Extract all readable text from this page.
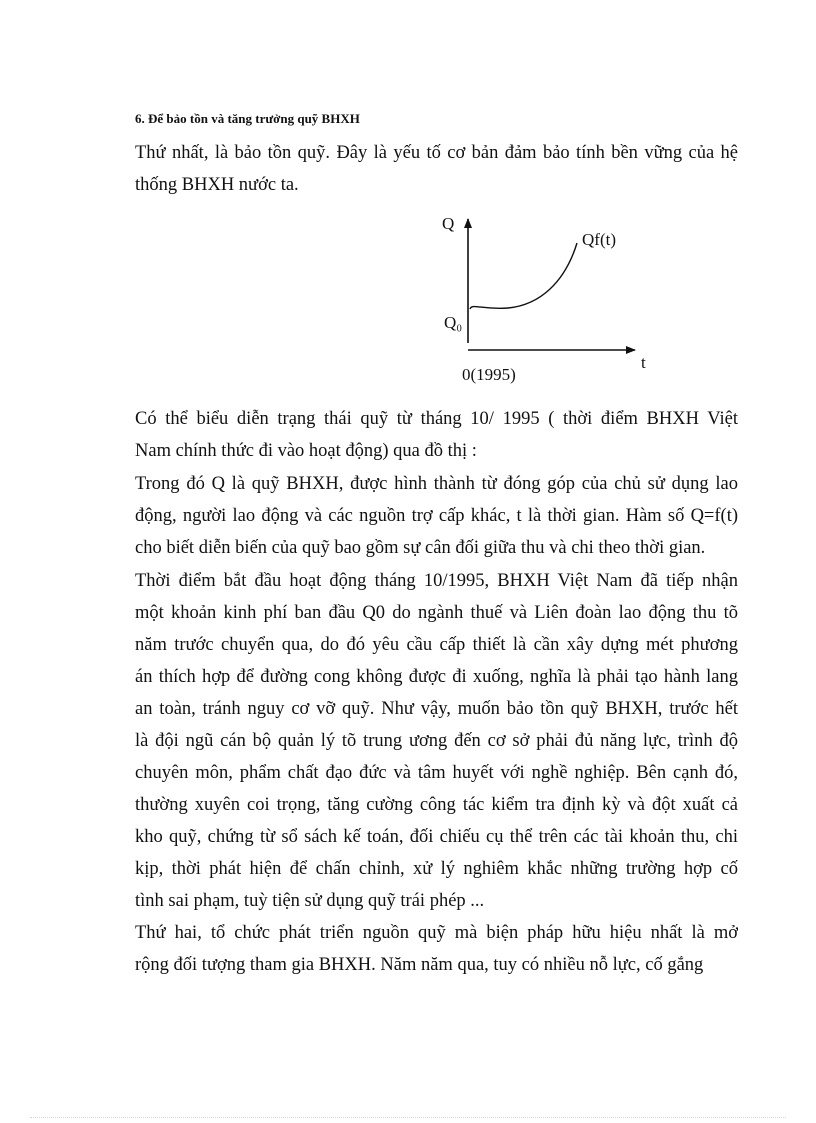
6. Để bảo tồn và tăng trưởng quỹ BHXH
Thứ nhất, là bảo tồn quỹ. Đây là yếu tố cơ bản đảm bảo tính bền vững của hệ
thống BHXH nước ta.
Q
Qf(t)
Q₀
t
0(1995)
Có thể biểu diễn trạng thái quỹ từ tháng 10/ 1995 ( thời điểm BHXH Việt
Nam chính thức đi vào hoạt động) qua đồ thị :
Trong đó Q là quỹ BHXH, được hình thành từ đóng góp của chủ sử dụng lao
động, người lao động và các nguồn trợ cấp khác, t là thời gian. Hàm số Q=f(t)
cho biết diễn biến của quỹ bao gồm sự cân đối giữa thu và chi theo thời gian.
Thời điểm bắt đầu hoạt động tháng 10/1995, BHXH Việt Nam đã tiếp nhận
một khoản kinh phí ban đầu Q0 do ngành thuế và Liên đoàn lao động thu tõ
năm trước chuyển qua, do đó yêu cầu cấp thiết là cần xây dựng mét phương
án thích hợp để đường cong không được đi xuống, nghĩa là phải tạo hành lang
an toàn, tránh nguy cơ vỡ quỹ. Như vậy, muốn bảo tồn quỹ BHXH, trước hết
là đội ngũ cán bộ quản lý tõ trung ương đến cơ sở phải đủ năng lực, trình độ
chuyên môn, phẩm chất đạo đức và tâm huyết với nghề nghiệp. Bên cạnh đó,
thường xuyên coi trọng, tăng cường công tác kiểm tra định kỳ và đột xuất cả
kho quỹ, chứng từ sổ sách kế toán, đối chiếu cụ thể trên các tài khoản thu, chi
kịp, thời phát hiện để chấn chỉnh, xử lý nghiêm khắc những trường hợp cố
tình sai phạm, tuỳ tiện sử dụng quỹ trái phép ...
Thứ hai, tổ chức phát triển nguồn quỹ mà biện pháp hữu hiệu nhất là mở
rộng đối tượng tham gia BHXH. Năm năm qua, tuy có nhiều nỗ lực, cố gắng
